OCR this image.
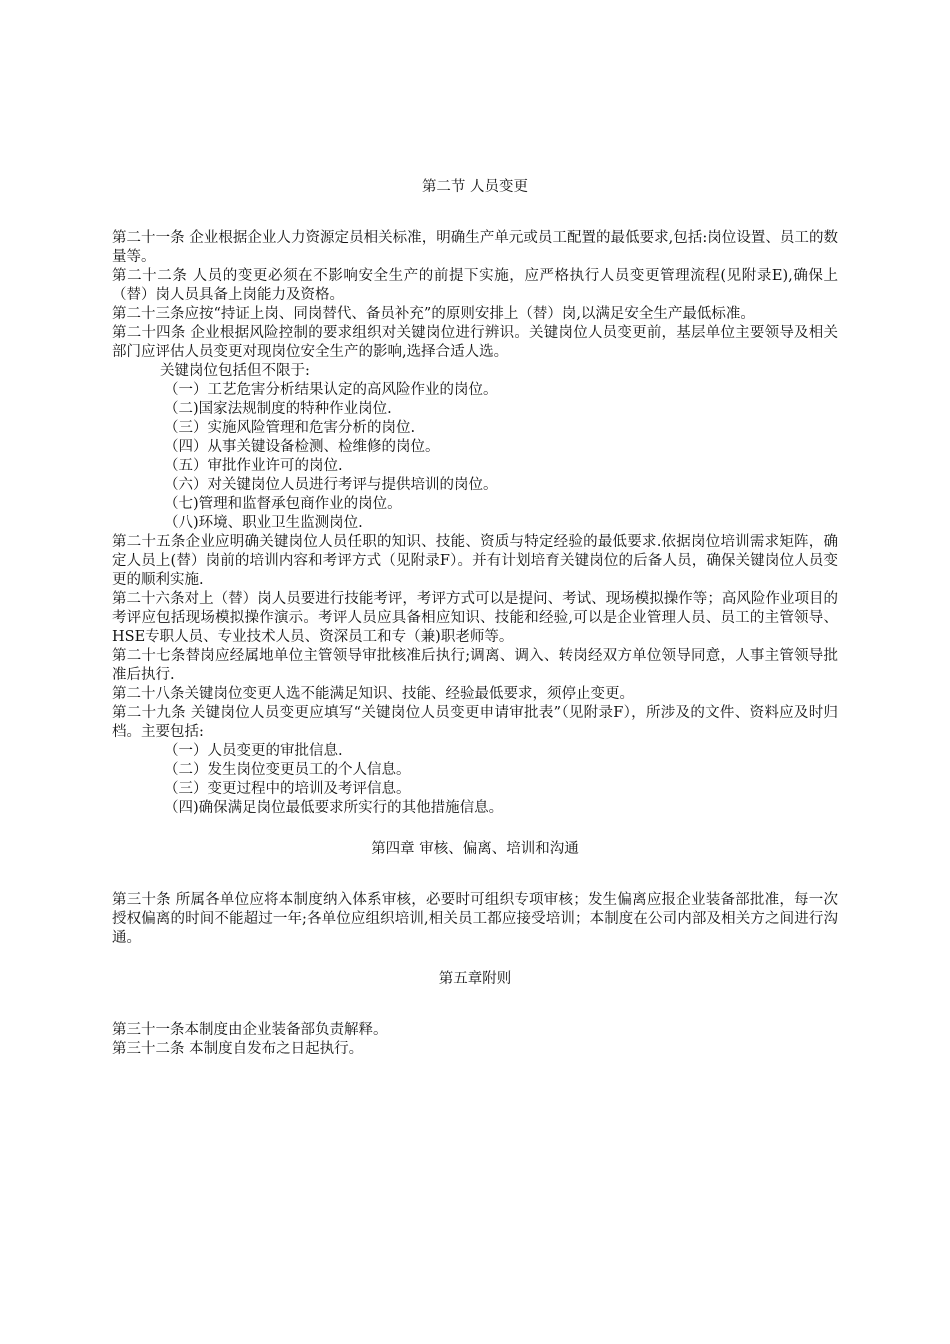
第二节 人员变更

第二十一条 企业根据企业人力资源定员相关标准，明确生产单元或员工配置的最低要求,包括:岗位设置、员工的数量等。

第二十二条 人员的变更必须在不影响安全生产的前提下实施，应严格执行人员变更管理流程(见附录E),确保上（替）岗人员具备上岗能力及资格。

第二十三条应按“持证上岗、同岗替代、备员补充”的原则安排上（替）岗,以满足安全生产最低标准。

第二十四条 企业根据风险控制的要求组织对关键岗位进行辨识。关键岗位人员变更前，基层单位主要领导及相关部门应评估人员变更对现岗位安全生产的影响,选择合适人选。

关键岗位包括但不限于:

（一）工艺危害分析结果认定的高风险作业的岗位。

（二)国家法规制度的特种作业岗位.

（三）实施风险管理和危害分析的岗位.

（四）从事关键设备检测、检维修的岗位。

（五）审批作业许可的岗位.

（六）对关键岗位人员进行考评与提供培训的岗位。

（七)管理和监督承包商作业的岗位。

（八)环境、职业卫生监测岗位.

第二十五条企业应明确关键岗位人员任职的知识、技能、资质与特定经验的最低要求.依据岗位培训需求矩阵，确定人员上(替）岗前的培训内容和考评方式（见附录F）。并有计划培育关键岗位的后备人员，确保关键岗位人员变更的顺利实施.

第二十六条对上（替）岗人员要进行技能考评，考评方式可以是提问、考试、现场模拟操作等；高风险作业项目的考评应包括现场模拟操作演示。考评人员应具备相应知识、技能和经验,可以是企业管理人员、员工的主管领导、HSE专职人员、专业技术人员、资深员工和专（兼)职老师等。

第二十七条替岗应经属地单位主管领导审批核准后执行;调离、调入、转岗经双方单位领导同意，人事主管领导批准后执行.

第二十八条关键岗位变更人选不能满足知识、技能、经验最低要求，须停止变更。

第二十九条 关键岗位人员变更应填写“关键岗位人员变更申请审批表”（见附录F），所涉及的文件、资料应及时归档。主要包括:

（一）人员变更的审批信息.

（二）发生岗位变更员工的个人信息。

（三）变更过程中的培训及考评信息。

（四)确保满足岗位最低要求所实行的其他措施信息。

第四章 审核、偏离、培训和沟通

第三十条 所属各单位应将本制度纳入体系审核，必要时可组织专项审核；发生偏离应报企业装备部批准，每一次授权偏离的时间不能超过一年;各单位应组织培训,相关员工都应接受培训；本制度在公司内部及相关方之间进行沟通。

第五章附则

第三十一条本制度由企业装备部负责解释。

第三十二条 本制度自发布之日起执行。
